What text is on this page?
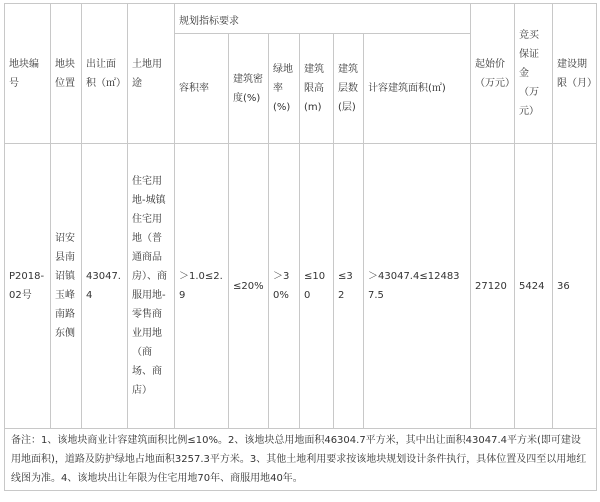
地块编号	地块位置	出让面积（㎡）	土地用途	规划指标要求						起始价（万元）	竞买保证金（万元）	建设期限（月）
				容积率	建筑密度(%)	绿地率(%)	建筑限高(m)	建筑层数(层)	计容建筑面积(㎡)			
P2018-02号	诏安县南诏镇玉峰南路东侧	43047.4	住宅用地-城镇住宅用地（普通商品房）、商服用地-零售商业用地（商场、商店）	＞1.0≤2.9	≤20%	＞30%	≤100	≤32	＞43047.4≤124837.5	27120	5424	36
备注：1、该地块商业计容建筑面积比例≤10%。2、该地块总用地面积46304.7平方米，其中出让面积43047.4平方米(即可建设用地面积)，道路及防护绿地占地面积3257.3平方米。3、其他土地利用要求按该地块规划设计条件执行，具体位置及四至以用地红线图为准。4、该地块出让年限为住宅用地70年、商服用地40年。												
